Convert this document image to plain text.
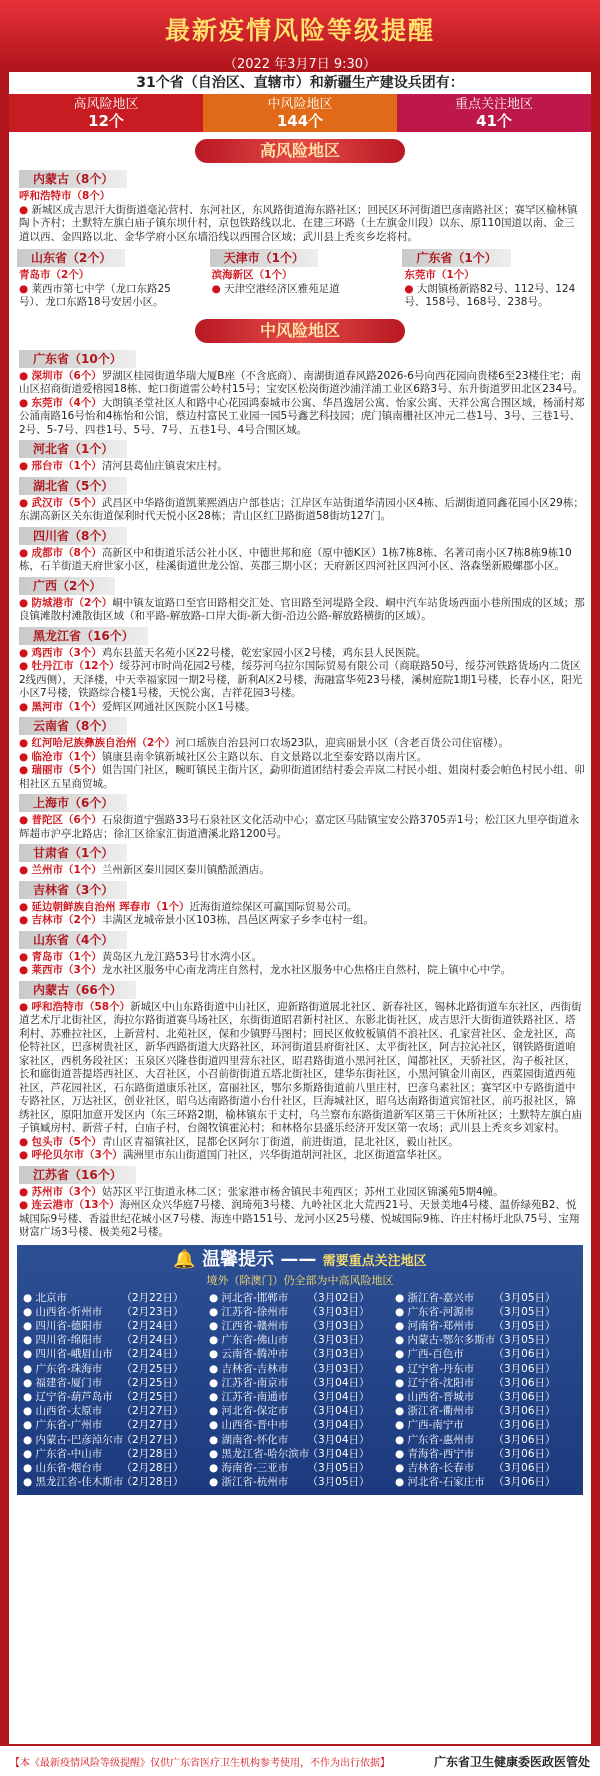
最新疫情风险等级提醒
（2022 年3月7日 9:30）
31个省（自治区、直辖市）和新疆生产建设兵团有：
高风险地区
12个
中风险地区
144个
重点关注地区
41个
高风险地区
内蒙古（8个）
呼和浩特市（8个）
● 新城区成吉思汗大街街道毫沁营村、东河社区，东风路街道海东路社区；回民区环河街道巴彦南路社区；赛罕区榆林镇陶卜齐村；土默特左旗白庙子镇东坝什村，京包铁路线以北、在建三环路（土左旗金川段）以东、原110国道以南、金三道以西、金四路以北、金华学府小区东墙沿线以西围合区域；武川县上秃亥乡圪将村。
山东省（2个）
青岛市（2个）
● 莱西市第七中学（龙口东路25号）、龙口东路18号安居小区。
天津市（1个）
滨海新区（1个）
● 天津空港经济区雅苑足道
广东省（1个）
东莞市（1个）
● 大朗镇杨新路82号、112号、124号、158号、168号、238号。
中风险地区
广东省（10个）
● 深圳市（6个）罗湖区桂园街道华瑞大厦B座（不含底商）、南湖街道春风路2026-6号向西花园向贵楼6至23楼住宅；南山区招商街道爱榕园18栋、蛇口街道雷公岭村15号；宝安区松岗街道沙浦洋浦工业区6路3号、东升街道罗田北区234号。
● 东莞市（4个）大朗镇圣堂社区人和路中心花园鸿泰城市公寓、华昌逸居公寓、怡家公寓、天祥公寓合围区域，杨涌村郑公涌南路16号怡和4栋怡和公馆，蔡边村富民工业园一园5号鑫艺科技园；虎门镇南栅社区冲元二巷1号、3号、三巷1号、2号、5-7号、四巷1号、5号、7号、五巷1号、4号合围区域。
河北省（1个）
● 邢台市（1个）清河县葛仙庄镇袁宋庄村。
湖北省（5个）
● 武汉市（5个）武昌区中华路街道凯莱熙酒店户部巷店；江岸区车站街道华清园小区4栋、后湖街道同鑫花园小区29栋；东湖高新区关东街道保利时代天悦小区28栋；青山区红卫路街道58街坊127门。
四川省（8个）
● 成都市（8个）高新区中和街道乐活公社小区、中德世邦和庭（原中德K区）1栋7栋8栋、名著司南小区7栋8栋9栋10栋，石羊街道天府世家小区，桂溪街道世龙公馆、英郡三期小区；天府新区四河社区四河小区、洛森堡新殿螺郡小区。
广西（2个）
● 防城港市（2个）峒中镇友谊路口至官田路相交汇处、官田路至河堤路全段、峒中汽车站货场西面小巷所围成的区域；那良镇滩散村滩散街区域（和平路-解放路-口岸大街-新大街-沿边公路-解放路横街的区域）。
黑龙江省（16个）
● 鸡西市（3个）鸡东县蓝天名苑小区22号楼，乾宏家园小区2号楼，鸡东县人民医院。
● 牡丹江市（12个）绥芬河市时尚花园2号楼，绥芬河乌拉尔国际贸易有限公司（商联路50号，绥芬河铁路货场内二货区2线西侧），天泽楼，中天幸福家园一期2号楼，新利A区2号楼，海融富华苑23号楼，溪树庭院1期1号楼，长春小区，阳光小区7号楼，铁路综合楼1号楼，天悦公寓，吉祥花园3号楼。
● 黑河市（1个）爱辉区网通社区医院小区1号楼。
云南省（8个）
● 红河哈尼族彝族自治州（2个）河口瑶族自治县河口农场23队，迎宾丽景小区（含老百货公司住宿楼）。
● 临沧市（1个）镇康县南伞镇新城社区公主路以东、自文景路以北至泰安路以南片区。
● 瑞丽市（5个）姐告国门社区，畹町镇民主街片区，勐卯街道团结村委会弄岚二村民小组、姐岗村委会帕色村民小组、卯相社区五星商贸城。
上海市（6个）
● 普陀区（6个）石泉街道宁强路33号石泉社区文化活动中心；嘉定区马陆镇宝安公路3705弄1号；松江区九里亭街道永辉超市沪亭北路店；徐汇区徐家汇街道漕溪北路1200号。
甘肃省（1个）
● 兰州市（1个）兰州新区秦川园区秦川镇酷派酒店。
吉林省（3个）
● 延边朝鲜族自治州 珲春市（1个）近海街道综保区可赢国际贸易公司。
● 吉林市（2个）丰满区龙城帝景小区103栋，昌邑区两家子乡李屯村一组。
山东省（4个）
● 青岛市（1个）黄岛区九龙江路53号甘水湾小区。
● 莱西市（3个）龙水社区服务中心南龙湾庄自然村，龙水社区服务中心焦格庄自然村，院上镇中心中学。
内蒙古（66个）
● 呼和浩特市（58个）新城区中山东路街道中山社区，迎新路街道展北社区、新春社区，锡林北路街道车东社区，西街街道艺术厅北街社区，海拉尔路街道赛马场社区，东街街道昭君新村社区、东影北街社区，成吉思汗大街街道铁路社区、塔利村、苏雅拉社区，上新营村、北苑社区，保和少镇野马图村；回民区攸攸板镇俏不浪社区、孔家营社区、金龙社区，高伦特社区，巴彦树贵社区，新华西路街道大庆路社区，环河街道县府街社区、太平街社区，阿吉拉沁社区，钢铁路街道咱家社区，西机务段社区；玉泉区兴隆巷街道四里营东社区，昭君路街道小黑河社区，闻都社区，天骄社区，沟子板社区，长和廊街道菩提塔西社区、大召社区，小召前街街道五塔北街社区，建华东街社区，小黑河镇金川南区，西菜园街道西苑社区，芦花园社区，石东路街道康乐社区，富丽社区，鄂尔多斯路街道前八里庄村，巴彦乌素社区；赛罕区中专路街道中专路社区，万达社区，创业社区，昭乌达南路街道小台什社区，巨海城社区，昭乌达南路街道宾馆社区，前巧报社区，锦绣社区，原阳加意开发区内（东三环路2期，榆林镇东干丈村，乌兰察布东路街道新军区第三干休所社区；土默特左旗白庙子镇臧房村、新营子村，白庙子村，台阁牧镇霍沁村；和林格尔县盛乐经济开发区第一农场；武川县上秃亥乡刘家村。
● 包头市（5个）青山区青福镇社区，昆都仑区阿尔丁街道，前进街道，昆北社区，毅山社区。
● 呼伦贝尔市（3个）满洲里市东山街道国门社区，兴华街道胡河社区，北区街道富华社区。
江苏省（16个）
● 苏州市（3个）姑苏区平江街道永林二区；张家港市杨舍镇民丰苑西区；苏州工业园区锦溪苑5期4幢。
● 连云港市（13个）海州区众兴华庭7号楼、润琦苑3号楼、九岭社区北大荒西21号、天景美地4号楼、温侨绿苑B2、悦城国际9号楼、香溢世纪花城小区7号楼、海连中路151号、龙河小区25号楼、悦城国际9栋、许庄村杨圩北队75号、宝翔财富广场3号楼、极美苑2号楼。
🔔 温馨提示 —— 需要重点关注地区
境外（除澳门）仍全部为中高风险地区
● 北京市	（2月22日）	● 河北省-邯郸市 （3月02日）	● 浙江省-嘉兴市 （3月05日）
● 山西省-忻州市 （2月23日）	● 江苏省-徐州市 （3月03日）	● 广东省-河源市 （3月05日）
● 四川省-德阳市 （2月24日）	● 江西省-赣州市 （3月03日）	● 河南省-郑州市 （3月05日）
● 四川省-绵阳市 （2月24日）	● 广东省-佛山市 （3月03日）	● 内蒙古-鄂尔多斯市（3月05日）
● 四川省-峨眉山市 （2月24日）	● 云南省-腾冲市 （3月03日）	● 广西-百色市	（3月06日）
● 广东省-珠海市 （2月25日）	● 吉林省-吉林市 （3月03日）	● 辽宁省-丹东市 （3月06日）
● 福建省-厦门市 （2月25日）	● 江苏省-南京市 （3月04日）	● 辽宁省-沈阳市 （3月06日）
● 辽宁省-葫芦岛市 （2月25日）	● 江苏省-南通市 （3月04日）	● 山西省-晋城市 （3月06日）
● 山西省-太原市 （2月27日）	● 河北省-保定市 （3月04日）	● 浙江省-衢州市 （3月06日）
● 广东省-广州市 （2月27日）	● 山西省-晋中市 （3月04日）	● 广西-南宁市	（3月06日）
● 内蒙古-巴彦淖尔市（2月27日）	● 湖南省-怀化市 （3月04日）	● 广东省-惠州市 （3月06日）
● 广东省-中山市 （2月28日）	● 黑龙江省-哈尔滨市（3月04日）	● 青海省-西宁市 （3月06日）
● 山东省-烟台市 （2月28日）	● 海南省-三亚市 （3月05日）	● 吉林省-长春市 （3月06日）
● 黑龙江省-佳木斯市（2月28日）	● 浙江省-杭州市 （3月05日）	● 河北省-石家庄市 （3月06日）
【本《最新疫情风险等级提醒》仅供广东省医疗卫生机构参考使用，不作为出行依据】	广东省卫生健康委医政医管处
